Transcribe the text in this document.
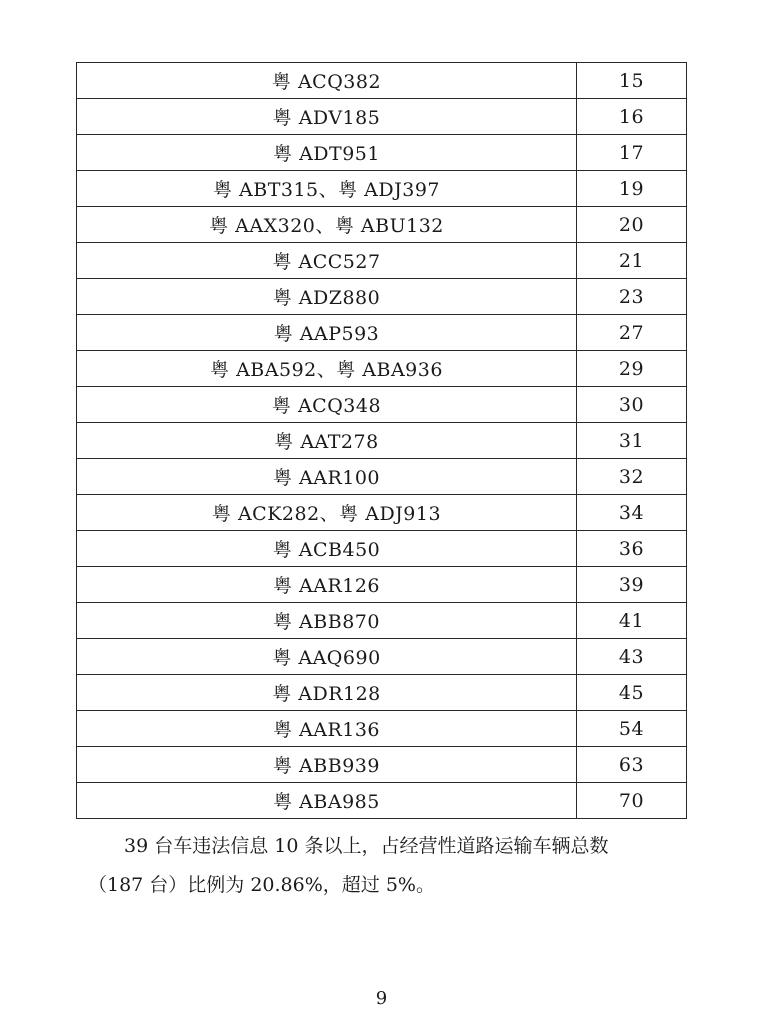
粤 ACQ382	15
粤 ADV185	16
粤 ADT951	17
粤 ABT315、粤 ADJ397	19
粤 AAX320、粤 ABU132	20
粤 ACC527	21
粤 ADZ880	23
粤 AAP593	27
粤 ABA592、粤 ABA936	29
粤 ACQ348	30
粤 AAT278	31
粤 AAR100	32
粤 ACK282、粤 ADJ913	34
粤 ACB450	36
粤 AAR126	39
粤 ABB870	41
粤 AAQ690	43
粤 ADR128	45
粤 AAR136	54
粤 ABB939	63
粤 ABA985	70

39 台车违法信息 10 条以上，占经营性道路运输车辆总数

（187 台）比例为 20.86%，超过 5%。

9
